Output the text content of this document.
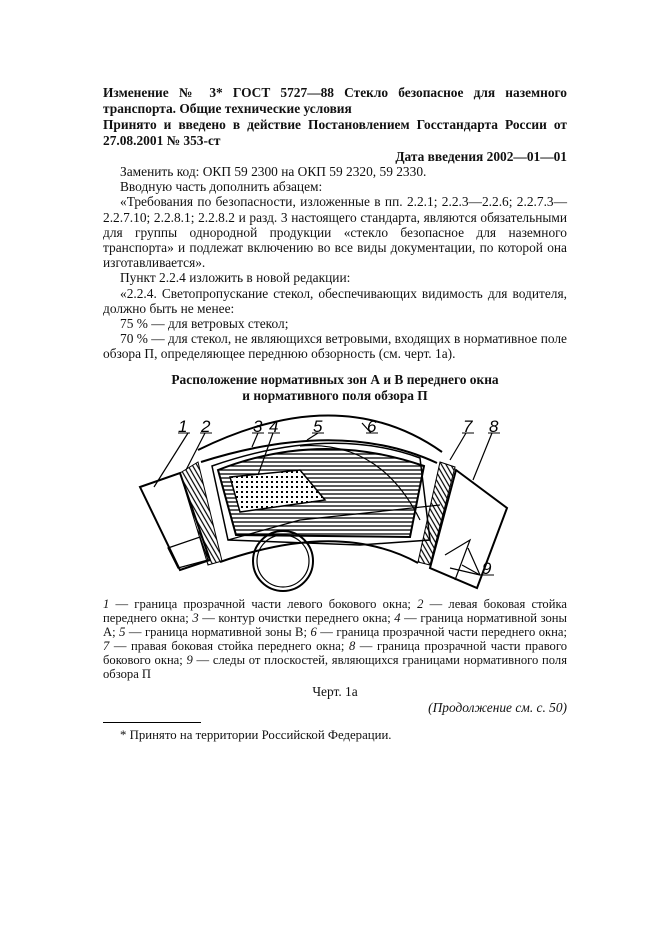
Изменение № 3* ГОСТ 5727—88 Стекло безопасное для наземного транспорта. Общие технические условия

Принято и введено в действие Постановлением Госстандарта России от 27.08.2001 № 353-ст

Дата введения 2002—01—01

Заменить код: ОКП 59 2300 на ОКП 59 2320, 59 2330.

Вводную часть дополнить абзацем:

«Требования по безопасности, изложенные в пп. 2.2.1; 2.2.3—2.2.6; 2.2.7.3—2.2.7.10; 2.2.8.1; 2.2.8.2 и разд. 3 настоящего стандарта, являются обязательными для группы однородной продукции «стекло безопасное для наземного транспорта» и подлежат включению во все виды документации, по которой она изготавливается».

Пункт 2.2.4 изложить в новой редакции:

«2.2.4. Светопропускание стекол, обеспечивающих видимость для водителя, должно быть не менее:

75 % — для ветровых стекол;

70 % — для стекол, не являющихся ветровыми, входящих в нормативное поле обзора П, определяющее переднюю обзорность (см. черт. 1а).

Расположение нормативных зон А и В переднего окна

и нормативного поля обзора П

1 2	3 4 5	6	7 8
9
1 — граница прозрачной части левого бокового окна; 2 — левая боковая стойка переднего окна; 3 — контур очистки переднего окна; 4 — граница нормативной зоны А; 5 — граница нормативной зоны В; 6 — граница прозрачной части переднего окна; 7 — правая боковая стойка переднего окна; 8 — граница прозрачной части правого бокового окна; 9 — следы от плоскостей, являющихся границами нормативного поля обзора П
Черт. 1а
(Продолжение см. с. 50)
* Принято на территории Российской Федерации.
